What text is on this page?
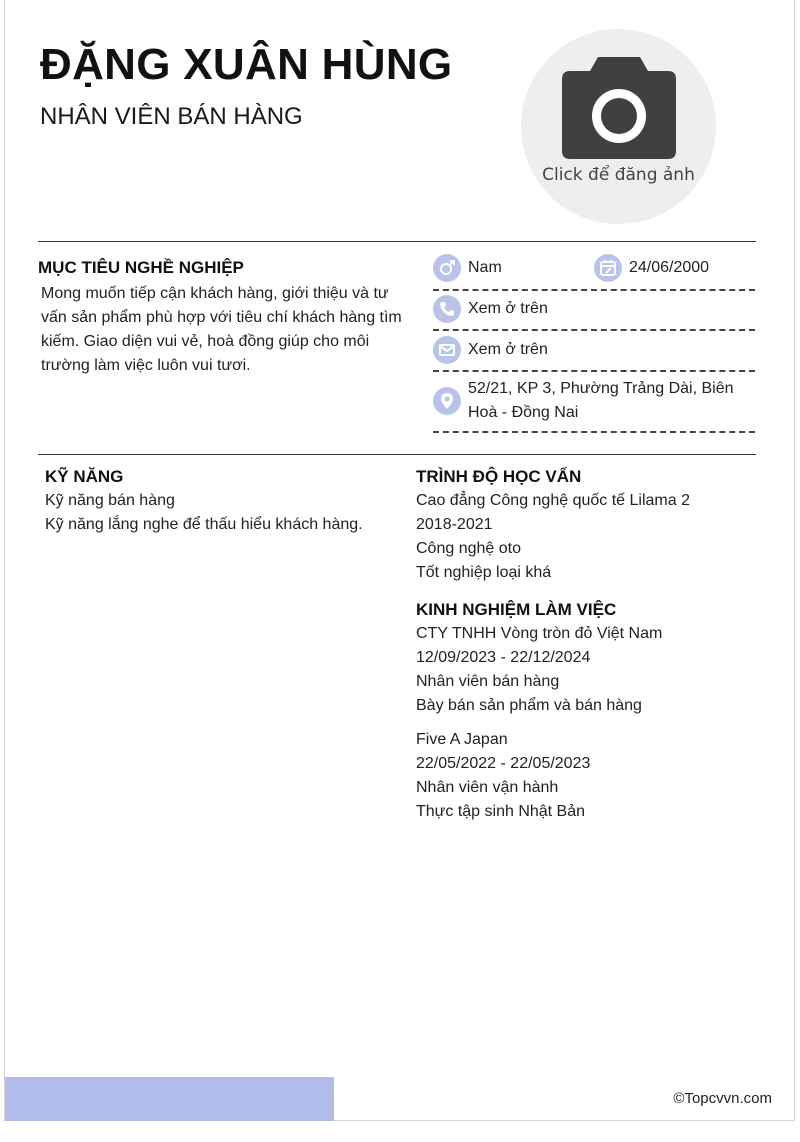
ĐẶNG XUÂN HÙNG
NHÂN VIÊN BÁN HÀNG
Click để đăng ảnh
MỤC TIÊU NGHỀ NGHIỆP
Mong muốn tiếp cận khách hàng, giới thiệu và tư
vấn sản phẩm phù hợp với tiêu chí khách hàng tìm
kiếm. Giao diện vui vẻ, hoà đồng giúp cho môi
trường làm việc luôn vui tươi.
Nam	24/06/2000
Xem ở trên
Xem ở trên
52/21, KP 3, Phường Trảng Dài, Biên
Hoà - Đồng Nai
KỸ NĂNG
Kỹ năng bán hàng
Kỹ năng lắng nghe để thấu hiểu khách hàng.
TRÌNH ĐỘ HỌC VẤN
Cao đẳng Công nghệ quốc tế Lilama 2
2018-2021
Công nghệ oto
Tốt nghiệp loại khá
KINH NGHIỆM LÀM VIỆC
CTY TNHH Vòng tròn đỏ Việt Nam
12/09/2023 - 22/12/2024
Nhân viên bán hàng
Bày bán sản phẩm và bán hàng
Five A Japan
22/05/2022 - 22/05/2023
Nhân viên vận hành
Thực tập sinh Nhật Bản
©Topcvvn.com
